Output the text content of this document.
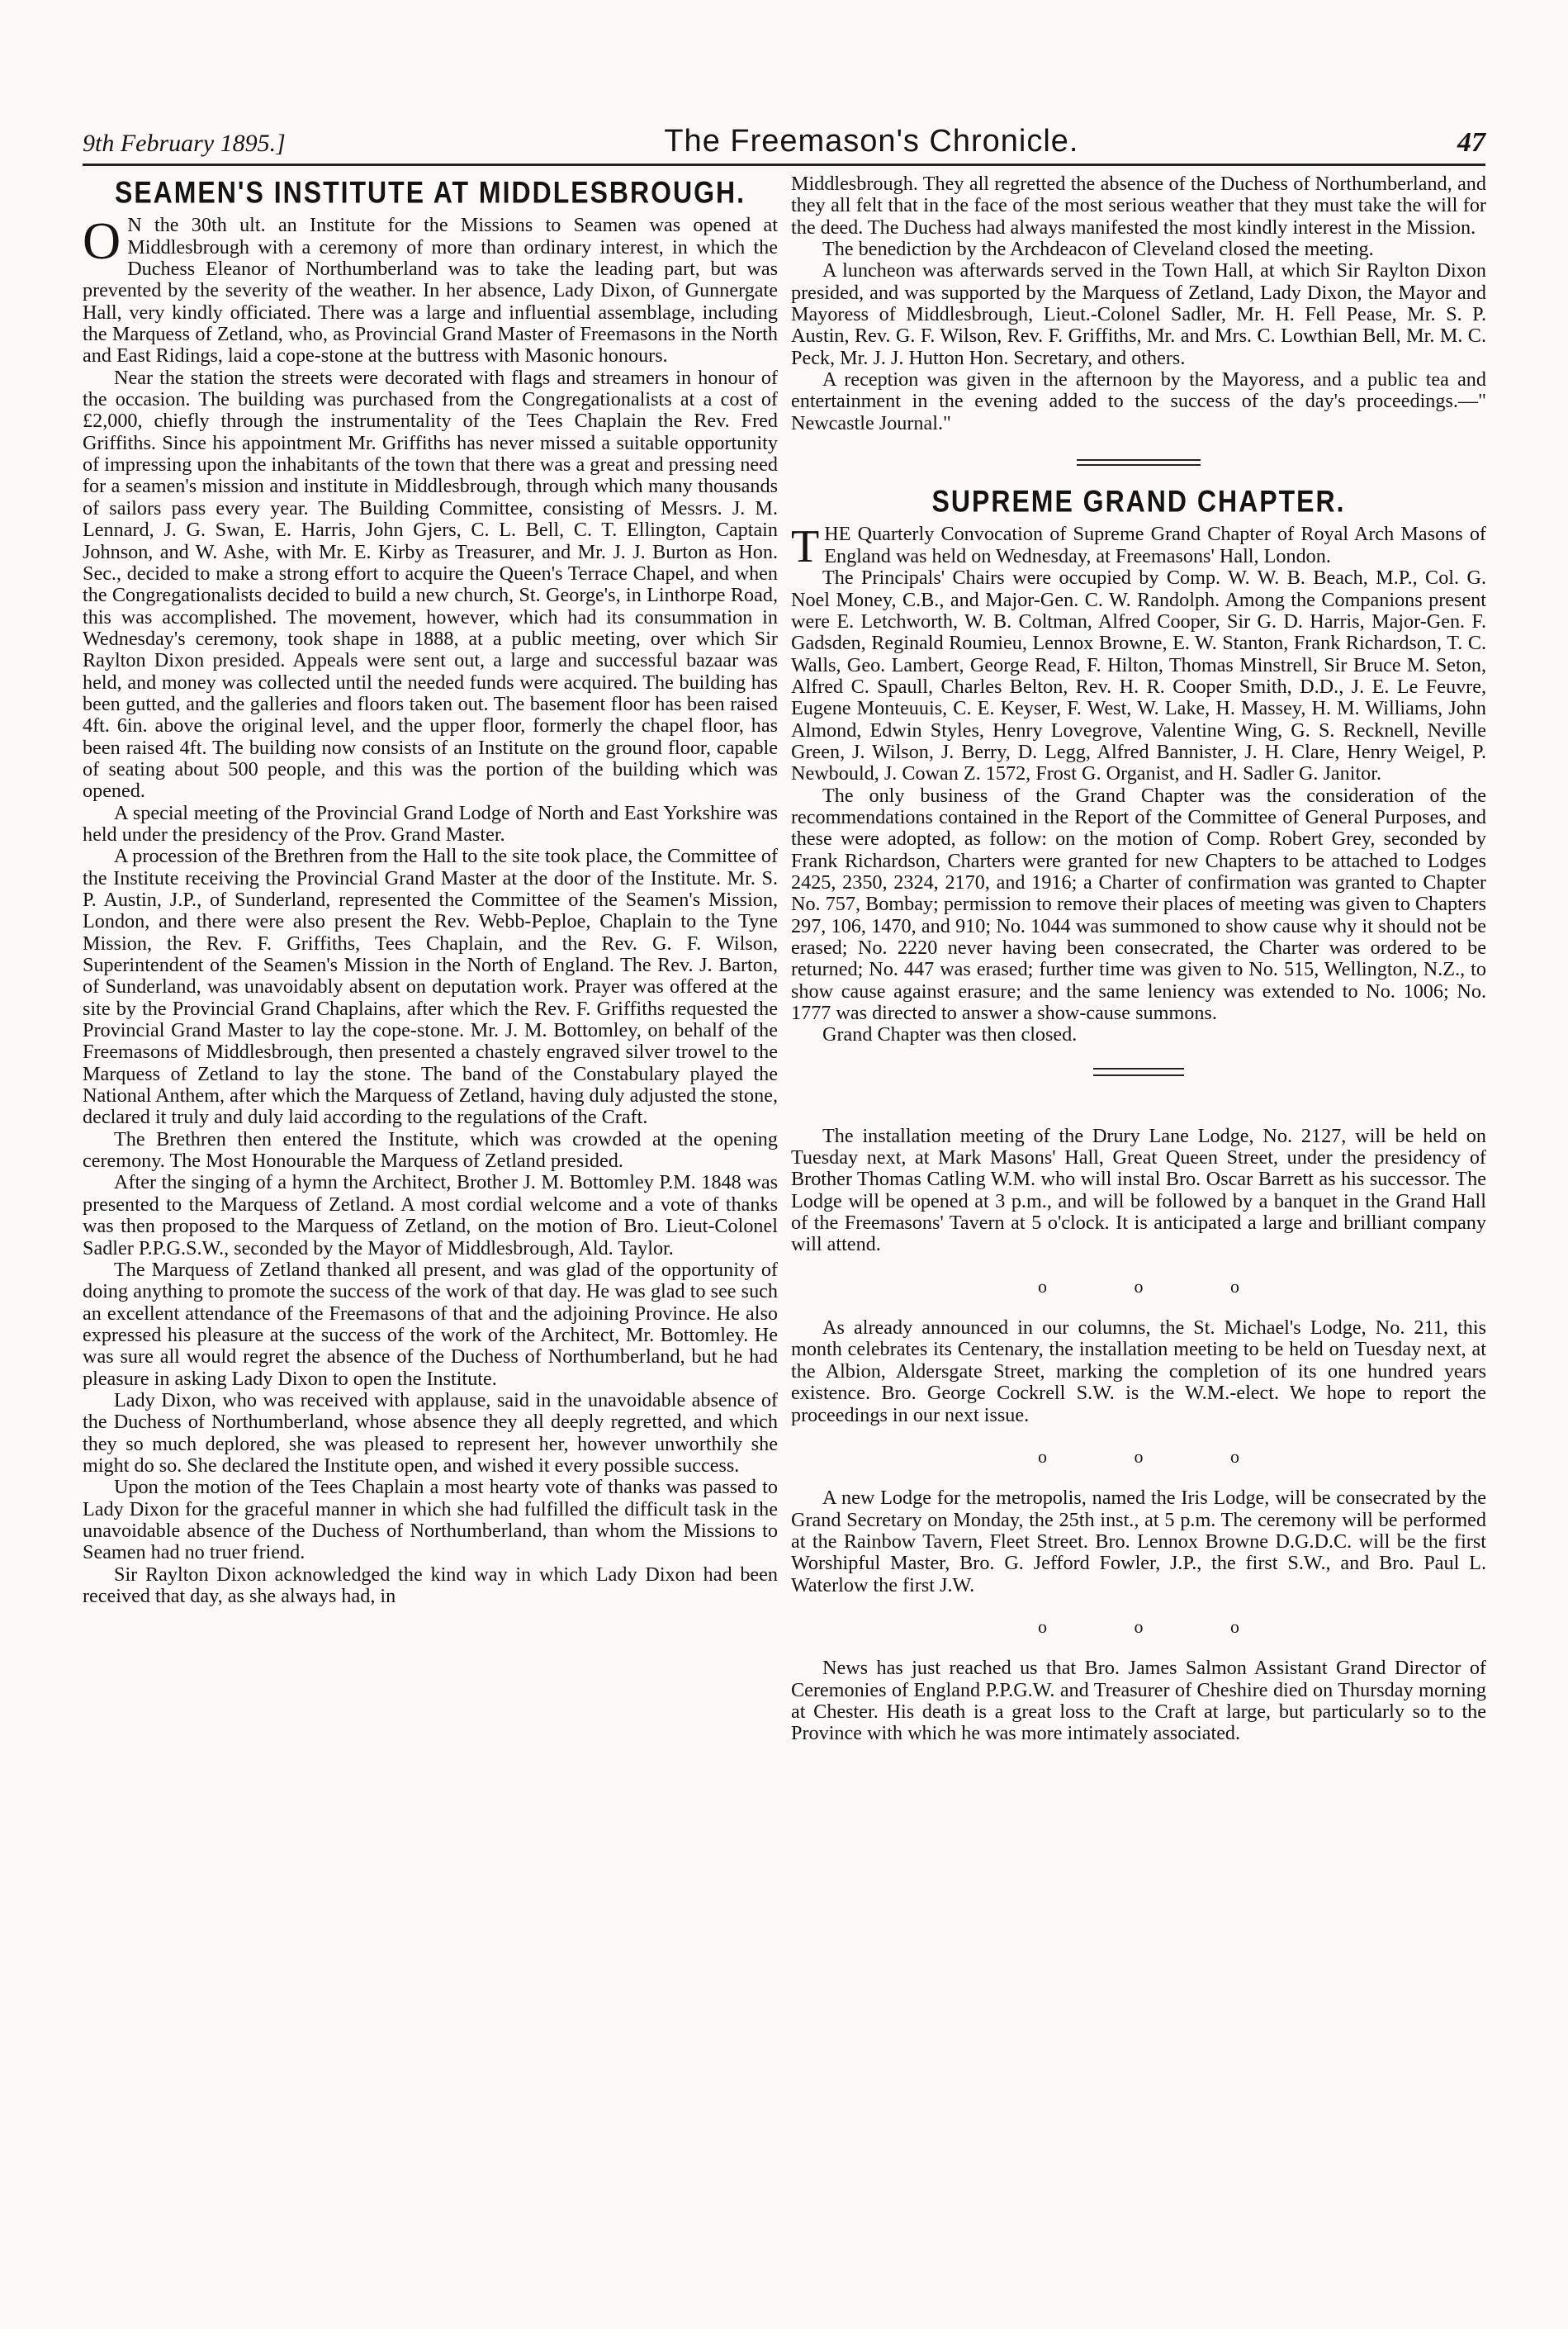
9th February 1895.]	The Freemason's Chronicle.	47
SEAMEN'S INSTITUTE AT MIDDLESBROUGH.

O N the 30th ult. an Institute for the Missions to Seamen was opened at Middlesbrough with a ceremony of more than ordinary interest, in which the Duchess Eleanor of Northumberland was to take the leading part, but was prevented by the severity of the weather. In her absence, Lady Dixon, of Gunnergate Hall, very kindly officiated. There was a large and influential assemblage, including the Marquess of Zetland, who, as Provincial Grand Master of Freemasons in the North and East Ridings, laid a cope-stone at the buttress with Masonic honours.

Near the station the streets were decorated with flags and streamers in honour of the occasion. The building was purchased from the Congregationalists at a cost of £2,000, chiefly through the instrumentality of the Tees Chaplain the Rev. Fred Griffiths. Since his appointment Mr. Griffiths has never missed a suitable opportunity of impressing upon the inhabitants of the town that there was a great and pressing need for a seamen's mission and institute in Middlesbrough, through which many thousands of sailors pass every year. The Building Committee, consisting of Messrs. J. M. Lennard, J. G. Swan, E. Harris, John Gjers, C. L. Bell, C. T. Ellington, Captain Johnson, and W. Ashe, with Mr. E. Kirby as Treasurer, and Mr. J. J. Burton as Hon. Sec., decided to make a strong effort to acquire the Queen's Terrace Chapel, and when the Congregationalists decided to build a new church, St. George's, in Linthorpe Road, this was accomplished. The movement, however, which had its consummation in Wednesday's ceremony, took shape in 1888, at a public meeting, over which Sir Raylton Dixon presided. Appeals were sent out, a large and successful bazaar was held, and money was collected until the needed funds were acquired. The building has been gutted, and the galleries and floors taken out. The basement floor has been raised 4ft. 6in. above the original level, and the upper floor, formerly the chapel floor, has been raised 4ft. The building now consists of an Institute on the ground floor, capable of seating about 500 people, and this was the portion of the building which was opened.

A special meeting of the Provincial Grand Lodge of North and East Yorkshire was held under the presidency of the Prov. Grand Master.

A procession of the Brethren from the Hall to the site took place, the Committee of the Institute receiving the Provincial Grand Master at the door of the Institute. Mr. S. P. Austin, J.P., of Sunderland, represented the Committee of the Seamen's Mission, London, and there were also present the Rev. Webb-Peploe, Chaplain to the Tyne Mission, the Rev. F. Griffiths, Tees Chaplain, and the Rev. G. F. Wilson, Superintendent of the Seamen's Mission in the North of England. The Rev. J. Barton, of Sunderland, was unavoidably absent on deputation work. Prayer was offered at the site by the Provincial Grand Chaplains, after which the Rev. F. Griffiths requested the Provincial Grand Master to lay the cope-stone. Mr. J. M. Bottomley, on behalf of the Freemasons of Middlesbrough, then presented a chastely engraved silver trowel to the Marquess of Zetland to lay the stone. The band of the Constabulary played the National Anthem, after which the Marquess of Zetland, having duly adjusted the stone, declared it truly and duly laid according to the regulations of the Craft.

The Brethren then entered the Institute, which was crowded at the opening ceremony. The Most Honourable the Marquess of Zetland presided.

After the singing of a hymn the Architect, Brother J. M. Bottomley P.M. 1848 was presented to the Marquess of Zetland. A most cordial welcome and a vote of thanks was then proposed to the Marquess of Zetland, on the motion of Bro. Lieut-Colonel Sadler P.P.G.S.W., seconded by the Mayor of Middlesbrough, Ald. Taylor.

The Marquess of Zetland thanked all present, and was glad of the opportunity of doing anything to promote the success of the work of that day. He was glad to see such an excellent attendance of the Freemasons of that and the adjoining Province. He also expressed his pleasure at the success of the work of the Architect, Mr. Bottomley. He was sure all would regret the absence of the Duchess of Northumberland, but he had pleasure in asking Lady Dixon to open the Institute.

Lady Dixon, who was received with applause, said in the unavoidable absence of the Duchess of Northumberland, whose absence they all deeply regretted, and which they so much deplored, she was pleased to represent her, however unworthily she might do so. She declared the Institute open, and wished it every possible success.

Upon the motion of the Tees Chaplain a most hearty vote of thanks was passed to Lady Dixon for the graceful manner in which she had fulfilled the difficult task in the unavoidable absence of the Duchess of Northumberland, than whom the Missions to Seamen had no truer friend.

Sir Raylton Dixon acknowledged the kind way in which Lady Dixon had been received that day, as she always had, in

Middlesbrough. They all regretted the absence of the Duchess of Northumberland, and they all felt that in the face of the most serious weather that they must take the will for the deed. The Duchess had always manifested the most kindly interest in the Mission.

The benediction by the Archdeacon of Cleveland closed the meeting.

A luncheon was afterwards served in the Town Hall, at which Sir Raylton Dixon presided, and was supported by the Marquess of Zetland, Lady Dixon, the Mayor and Mayoress of Middlesbrough, Lieut.-Colonel Sadler, Mr. H. Fell Pease, Mr. S. P. Austin, Rev. G. F. Wilson, Rev. F. Griffiths, Mr. and Mrs. C. Lowthian Bell, Mr. M. C. Peck, Mr. J. J. Hutton Hon. Secretary, and others.

A reception was given in the afternoon by the Mayoress, and a public tea and entertainment in the evening added to the success of the day's proceedings.—" Newcastle Journal."

SUPREME GRAND CHAPTER.

THE Quarterly Convocation of Supreme Grand Chapter of Royal Arch Masons of England was held on Wednesday, at Freemasons' Hall, London.

The Principals' Chairs were occupied by Comp. W. W. B. Beach, M.P., Col. G. Noel Money, C.B., and Major-Gen. C. W. Randolph. Among the Companions present were E. Letchworth, W. B. Coltman, Alfred Cooper, Sir G. D. Harris, Major-Gen. F. Gadsden, Reginald Roumieu, Lennox Browne, E. W. Stanton, Frank Richardson, T. C. Walls, Geo. Lambert, George Read, F. Hilton, Thomas Minstrell, Sir Bruce M. Seton, Alfred C. Spaull, Charles Belton, Rev. H. R. Cooper Smith, D.D., J. E. Le Feuvre, Eugene Monteuuis, C. E. Keyser, F. West, W. Lake, H. Massey, H. M. Williams, John Almond, Edwin Styles, Henry Lovegrove, Valentine Wing, G. S. Recknell, Neville Green, J. Wilson, J. Berry, D. Legg, Alfred Bannister, J. H. Clare, Henry Weigel, P. Newbould, J. Cowan Z. 1572, Frost G. Organist, and H. Sadler G. Janitor.

The only business of the Grand Chapter was the consideration of the recommendations contained in the Report of the Committee of General Purposes, and these were adopted, as follow: on the motion of Comp. Robert Grey, seconded by Frank Richardson, Charters were granted for new Chapters to be attached to Lodges 2425, 2350, 2324, 2170, and 1916; a Charter of confirmation was granted to Chapter No. 757, Bombay; permission to remove their places of meeting was given to Chapters 297, 106, 1470, and 910; No. 1044 was summoned to show cause why it should not be erased; No. 2220 never having been consecrated, the Charter was ordered to be returned; No. 447 was erased; further time was given to No. 515, Wellington, N.Z., to show cause against erasure; and the same leniency was extended to No. 1006; No. 1777 was directed to answer a show-cause summons.

Grand Chapter was then closed.

The installation meeting of the Drury Lane Lodge, No. 2127, will be held on Tuesday next, at Mark Masons' Hall, Great Queen Street, under the presidency of Brother Thomas Catling W.M. who will instal Bro. Oscar Barrett as his successor. The Lodge will be opened at 3 p.m., and will be followed by a banquet in the Grand Hall of the Freemasons' Tavern at 5 o'clock. It is anticipated a large and brilliant company will attend.

o o o

As already announced in our columns, the St. Michael's Lodge, No. 211, this month celebrates its Centenary, the installation meeting to be held on Tuesday next, at the Albion, Aldersgate Street, marking the completion of its one hundred years existence. Bro. George Cockrell S.W. is the W.M.-elect. We hope to report the proceedings in our next issue.

o o o

A new Lodge for the metropolis, named the Iris Lodge, will be consecrated by the Grand Secretary on Monday, the 25th inst., at 5 p.m. The ceremony will be performed at the Rainbow Tavern, Fleet Street. Bro. Lennox Browne D.G.D.C. will be the first Worshipful Master, Bro. G. Jefford Fowler, J.P., the first S.W., and Bro. Paul L. Waterlow the first J.W.

o o o

News has just reached us that Bro. James Salmon Assistant Grand Director of Ceremonies of England P.P.G.W. and Treasurer of Cheshire died on Thursday morning at Chester. His death is a great loss to the Craft at large, but particularly so to the Province with which he was more intimately associated.
